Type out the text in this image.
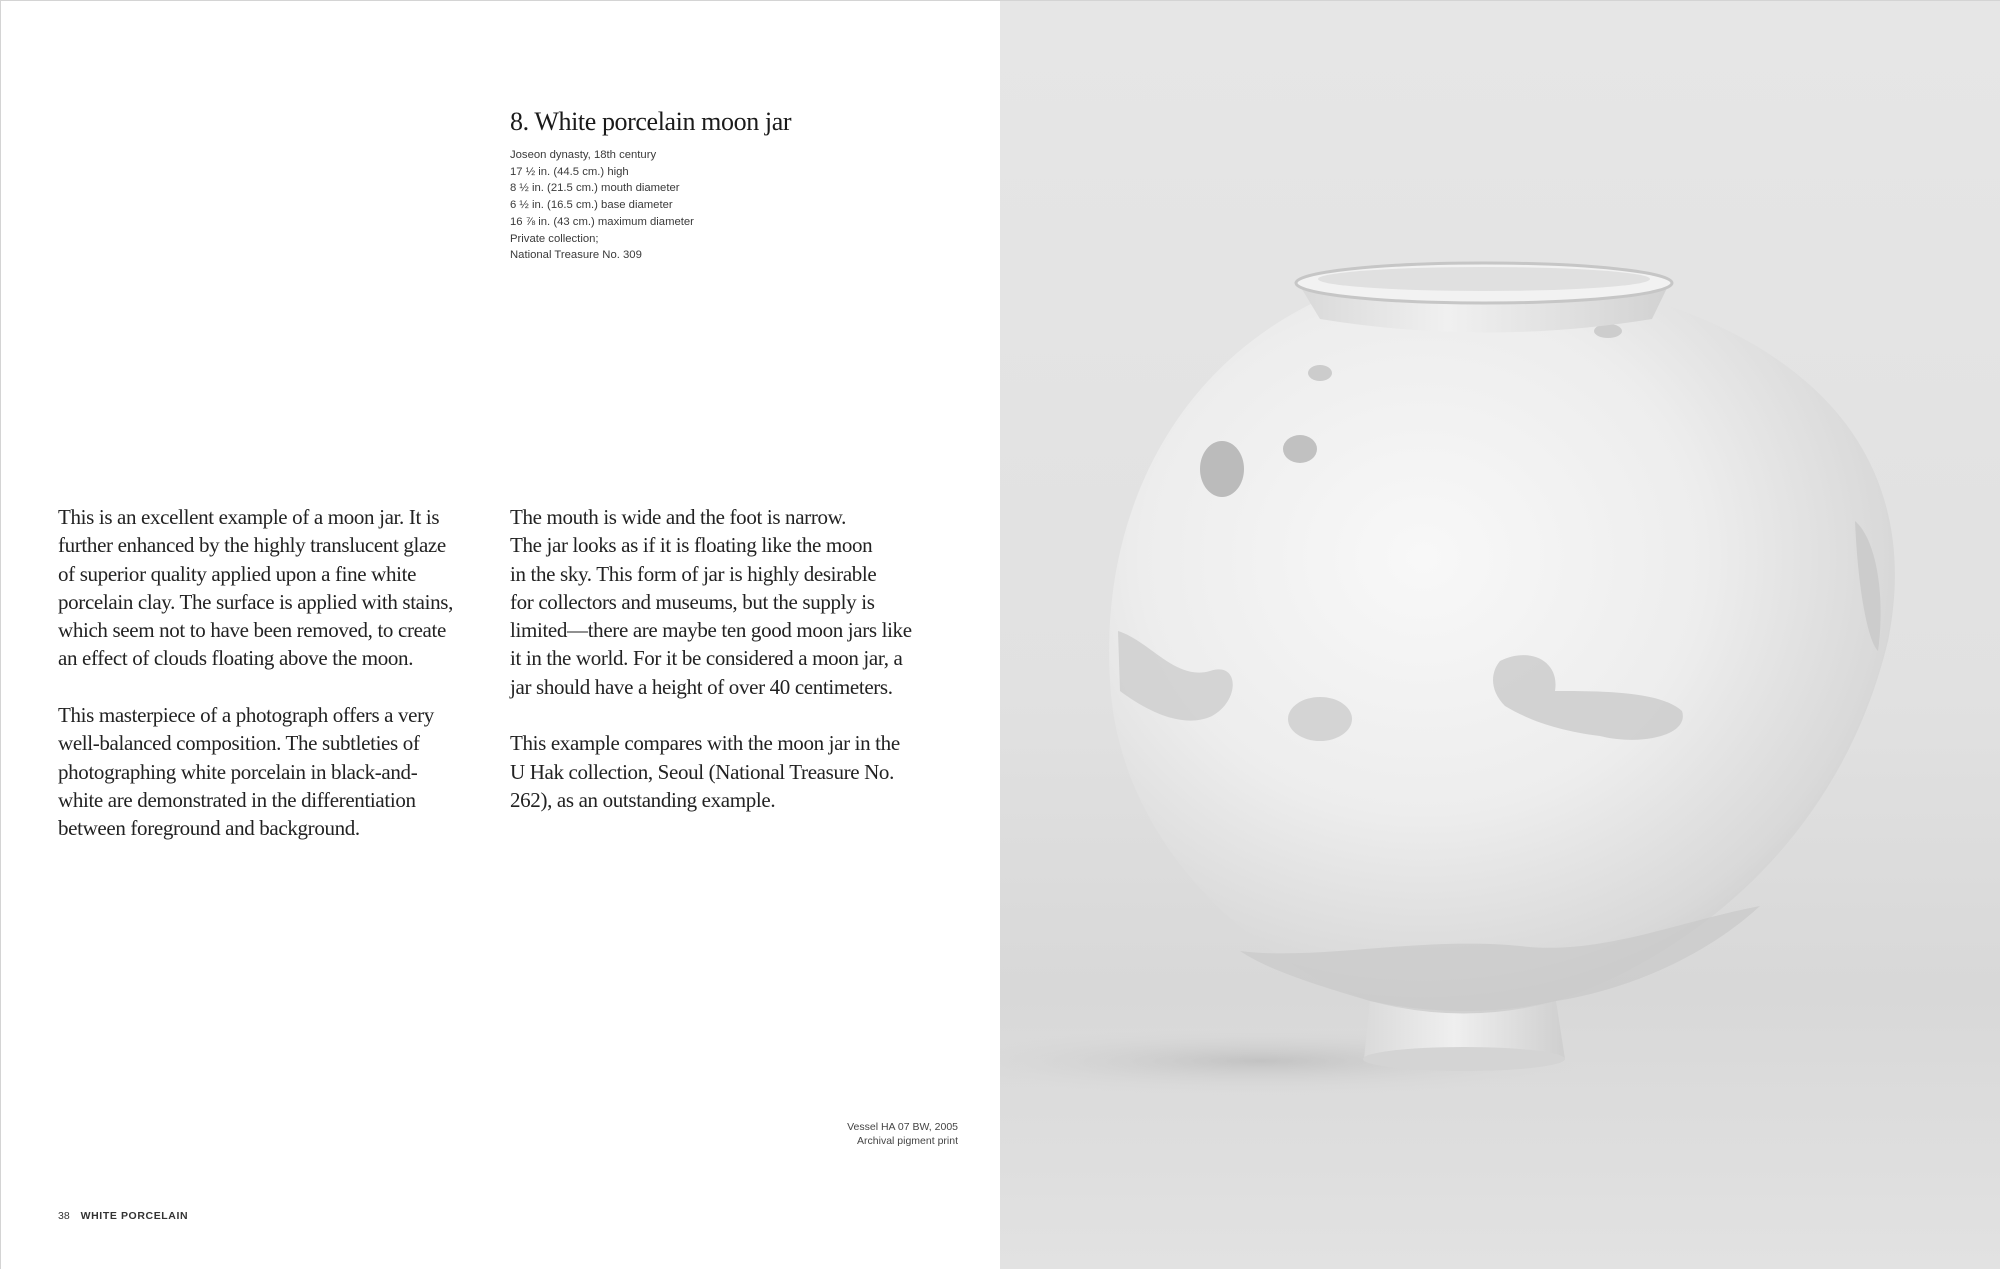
8. White porcelain moon jar
Joseon dynasty, 18th century
17 ½ in. (44.5 cm.) high
8 ½ in. (21.5 cm.) mouth diameter
6 ½ in. (16.5 cm.) base diameter
16 ⅞ in. (43 cm.) maximum diameter
Private collection;
National Treasure No. 309

This is an excellent example of a moon jar. It is
further enhanced by the highly translucent glaze
of superior quality applied upon a fine white
porcelain clay. The surface is applied with stains,
which seem not to have been removed, to create
an effect of clouds floating above the moon.

This masterpiece of a photograph offers a very
well-balanced composition. The subtleties of
photographing white porcelain in black-and-
white are demonstrated in the differentiation
between foreground and background.

The mouth is wide and the foot is narrow.
The jar looks as if it is floating like the moon
in the sky. This form of jar is highly desirable
for collectors and museums, but the supply is
limited—there are maybe ten good moon jars like
it in the world. For it be considered a moon jar, a
jar should have a height of over 40 centimeters.

This example compares with the moon jar in the
U Hak collection, Seoul (National Treasure No.
262), as an outstanding example.

Vessel HA 07 BW, 2005
Archival pigment print
38 WHITE PORCELAIN
